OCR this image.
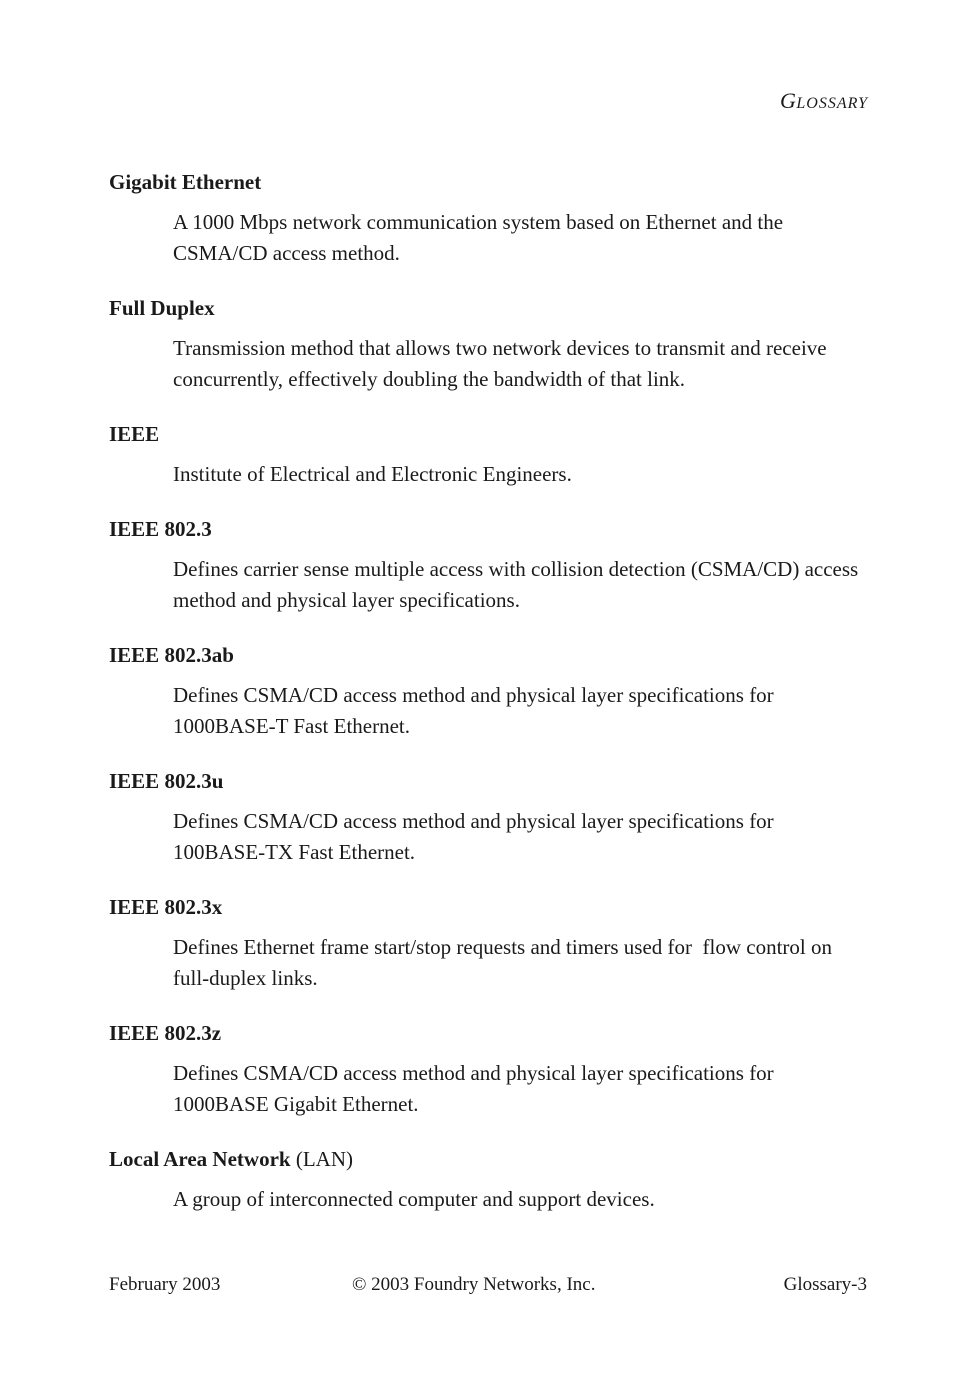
GLOSSARY
Gigabit Ethernet
A 1000 Mbps network communication system based on Ethernet and the CSMA/CD access method.
Full Duplex
Transmission method that allows two network devices to transmit and receive concurrently, effectively doubling the bandwidth of that link.
IEEE
Institute of Electrical and Electronic Engineers.
IEEE 802.3
Defines carrier sense multiple access with collision detection (CSMA/CD) access method and physical layer specifications.
IEEE 802.3ab
Defines CSMA/CD access method and physical layer specifications for 1000BASE-T Fast Ethernet.
IEEE 802.3u
Defines CSMA/CD access method and physical layer specifications for 100BASE-TX Fast Ethernet.
IEEE 802.3x
Defines Ethernet frame start/stop requests and timers used for  flow control on full-duplex links.
IEEE 802.3z
Defines CSMA/CD access method and physical layer specifications for 1000BASE Gigabit Ethernet.
Local Area Network (LAN)
A group of interconnected computer and support devices.
February 2003	© 2003 Foundry Networks, Inc.	Glossary-3
